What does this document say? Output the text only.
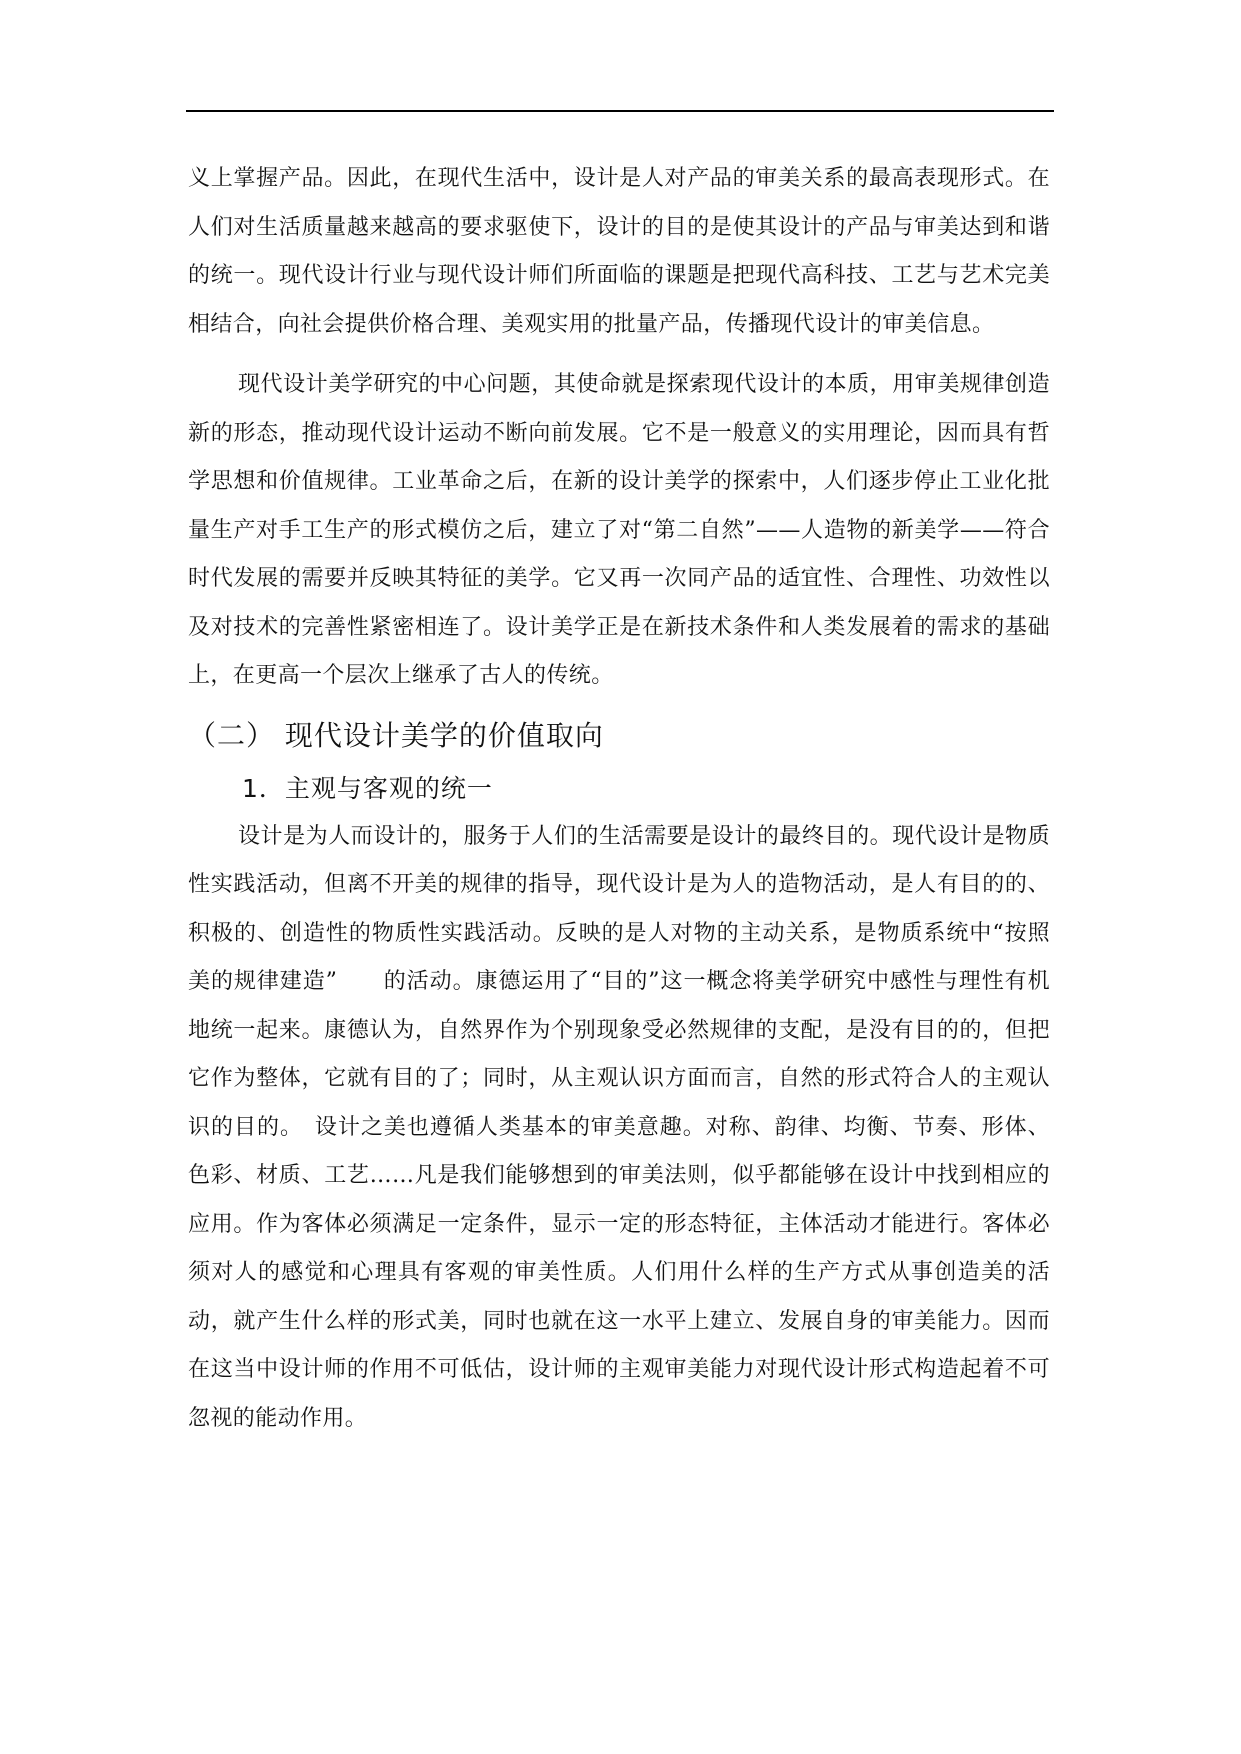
义上掌握产品。因此，在现代生活中，设计是人对产品的审美关系的最高表现形式。在人们对生活质量越来越高的要求驱使下，设计的目的是使其设计的产品与审美达到和谐的统一。现代设计行业与现代设计师们所面临的课题是把现代高科技、工艺与艺术完美相结合，向社会提供价格合理、美观实用的批量产品，传播现代设计的审美信息。

现代设计美学研究的中心问题，其使命就是探索现代设计的本质，用审美规律创造新的形态，推动现代设计运动不断向前发展。它不是一般意义的实用理论，因而具有哲学思想和价值规律。工业革命之后，在新的设计美学的探索中，人们逐步停止工业化批量生产对手工生产的形式模仿之后，建立了对“第二自然”——人造物的新美学——符合时代发展的需要并反映其特征的美学。它又再一次同产品的适宜性、合理性、功效性以及对技术的完善性紧密相连了。设计美学正是在新技术条件和人类发展着的需求的基础上，在更高一个层次上继承了古人的传统。

（二） 现代设计美学的价值取向
1．主观与客观的统一

设计是为人而设计的，服务于人们的生活需要是设计的最终目的。现代设计是物质性实践活动，但离不开美的规律的指导，现代设计是为人的造物活动，是人有目的的、积极的、创造性的物质性实践活动。反映的是人对物的主动关系，是物质系统中“按照美的规律建造”　　的活动。康德运用了“目的”这一概念将美学研究中感性与理性有机地统一起来。康德认为，自然界作为个别现象受必然规律的支配，是没有目的的，但把它作为整体，它就有目的了；同时，从主观认识方面而言，自然的形式符合人的主观认识的目的。　设计之美也遵循人类基本的审美意趣。对称、韵律、均衡、节奏、形体、色彩、材质、工艺……凡是我们能够想到的审美法则，似乎都能够在设计中找到相应的应用。作为客体必须满足一定条件，显示一定的形态特征，主体活动才能进行。客体必须对人的感觉和心理具有客观的审美性质。人们用什么样的生产方式从事创造美的活动，就产生什么样的形式美，同时也就在这一水平上建立、发展自身的审美能力。因而在这当中设计师的作用不可低估，设计师的主观审美能力对现代设计形式构造起着不可忽视的能动作用。
